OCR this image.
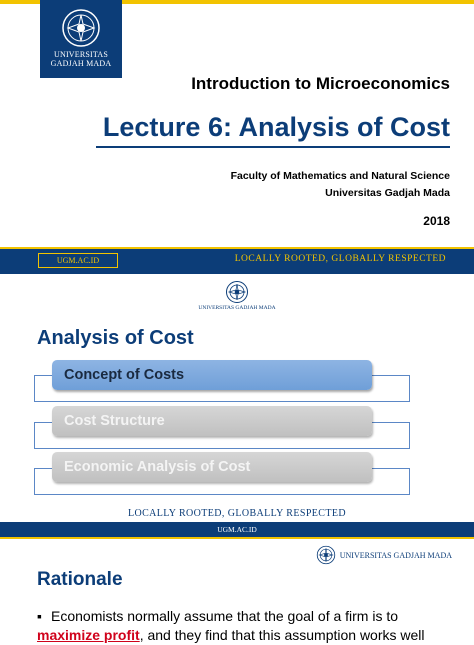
UNIVERSITAS
GADJAH MADA
Introduction to Microeconomics
Lecture 6: Analysis of Cost
Faculty of Mathematics and Natural Science
Universitas Gadjah Mada
2018
UGM.AC.ID	LOCALLY ROOTED, GLOBALLY RESPECTED
UNIVERSITAS GADJAH MADA
Analysis of Cost
Concept of Costs
Cost Structure
Economic Analysis of Cost
LOCALLY ROOTED, GLOBALLY RESPECTED
UGM.AC.ID
UNIVERSITAS GADJAH MADA
Rationale
▪ Economists normally assume that the goal of a firm is to
maximize profit, and they find that this assumption works well
